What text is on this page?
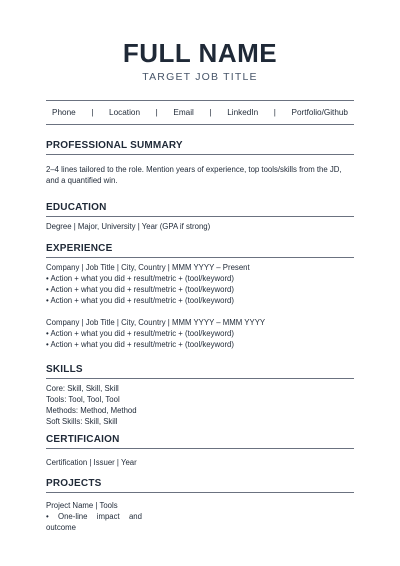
FULL NAME
TARGET JOB TITLE
Phone | Location | Email | LinkedIn | Portfolio/Github
PROFESSIONAL SUMMARY
2–4 lines tailored to the role. Mention years of experience, top tools/skills from the JD,
and a quantified win.
EDUCATION
Degree | Major, University | Year (GPA if strong)
EXPERIENCE
Company | Job Title | City, Country | MMM YYYY – Present
• Action + what you did + result/metric + (tool/keyword)
• Action + what you did + result/metric + (tool/keyword)
• Action + what you did + result/metric + (tool/keyword)
Company | Job Title | City, Country | MMM YYYY – MMM YYYY
• Action + what you did + result/metric + (tool/keyword)
• Action + what you did + result/metric + (tool/keyword)
SKILLS
Core: Skill, Skill, Skill
Tools: Tool, Tool, Tool
Methods: Method, Method
Soft Skills: Skill, Skill
CERTIFICAION
Certification | Issuer | Year
PROJECTS
Project Name | Tools
• One-line impact and outcome
